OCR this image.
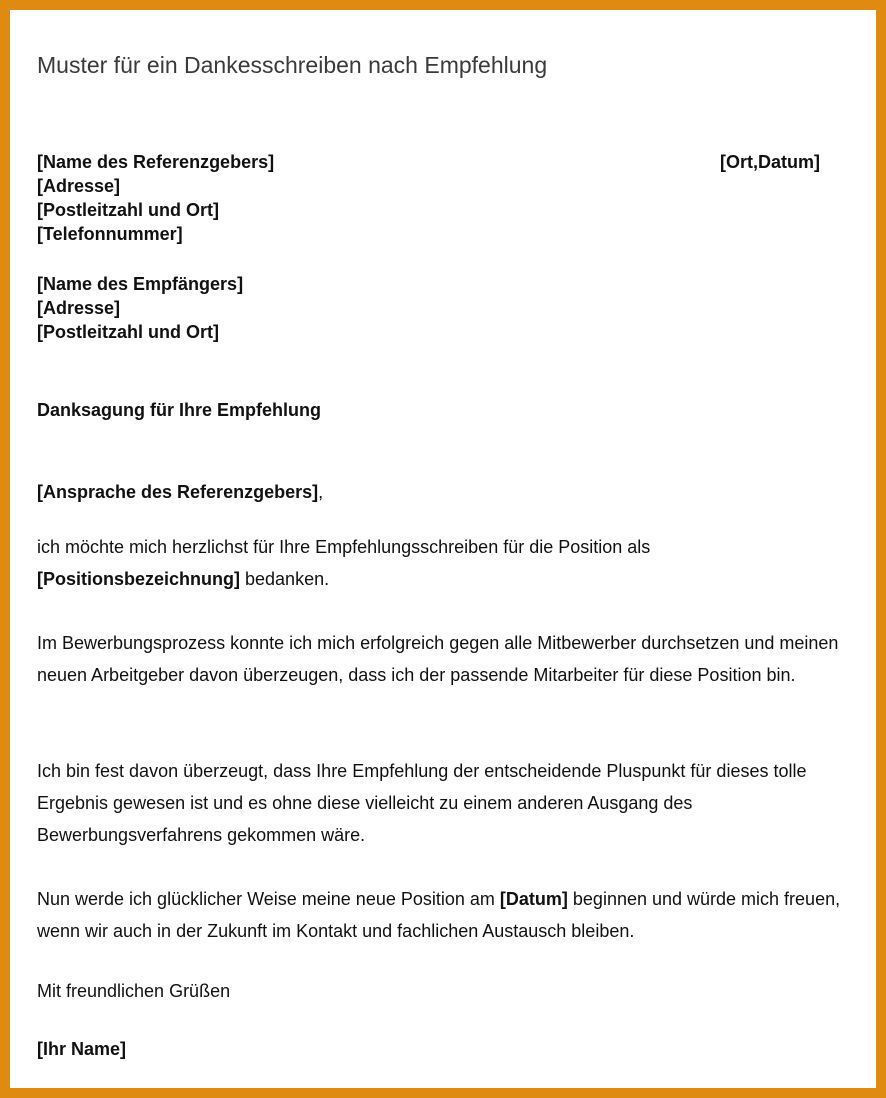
Muster für ein Dankesschreiben nach Empfehlung
[Name des Referenzgebers]	[Ort,Datum]
[Adresse]
[Postleitzahl und Ort]
[Telefonnummer]
[Name des Empfängers]
[Adresse]
[Postleitzahl und Ort]
Danksagung für Ihre Empfehlung
[Ansprache des Referenzgebers],
ich möchte mich herzlichst für Ihre Empfehlungsschreiben für die Position als
[Positionsbezeichnung] bedanken.
Im Bewerbungsprozess konnte ich mich erfolgreich gegen alle Mitbewerber durchsetzen und meinen neuen Arbeitgeber davon überzeugen, dass ich der passende Mitarbeiter für diese Position bin.
Ich bin fest davon überzeugt, dass Ihre Empfehlung der entscheidende Pluspunkt für dieses tolle Ergebnis gewesen ist und es ohne diese vielleicht zu einem anderen Ausgang des Bewerbungsverfahrens gekommen wäre.
Nun werde ich glücklicher Weise meine neue Position am [Datum] beginnen und würde mich freuen, wenn wir auch in der Zukunft im Kontakt und fachlichen Austausch bleiben.
Mit freundlichen Grüßen
[Ihr Name]
